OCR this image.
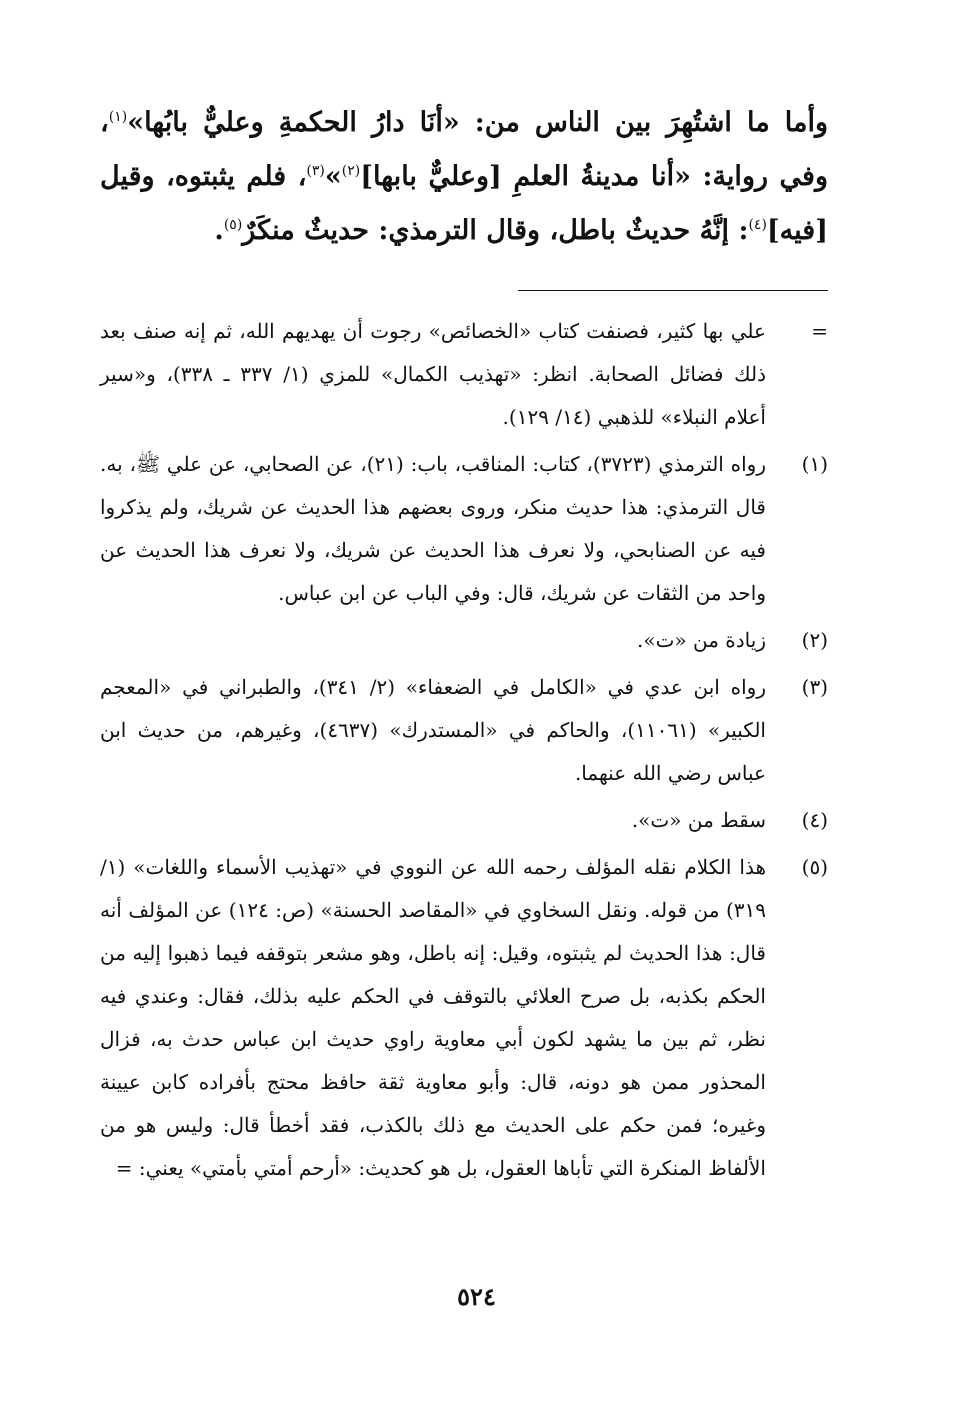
وأما ما اشتُهِرَ بين الناس من: «أنَا دارُ الحكمةِ وعليٌّ بابُها»$^{(١)}$، وفي رواية: «أنا مدينةُ العلمِ [وعليٌّ بابها]$^{(٢)}$»$^{(٣)}$، فلم يثبتوه، وقيل [فيه]$^{(٤)}$: إنَّهُ حديثٌ باطل، وقال الترمذي: حديثٌ منكَرٌ$^{(٥)}$.

=
علي بها كثير، فصنفت كتاب «الخصائص» رجوت أن يهديهم الله، ثم إنه صنف بعد ذلك فضائل الصحابة. انظر: «تهذيب الكمال» للمزي (١/ ٣٣٧ ـ ٣٣٨)، و«سير أعلام النبلاء» للذهبي (١٤/ ١٢٩).
(١)
رواه الترمذي (٣٧٢٣)، كتاب: المناقب، باب: (٢١)، عن الصحابي، عن علي ﷺ، به. قال الترمذي: هذا حديث منكر، وروى بعضهم هذا الحديث عن شريك، ولم يذكروا فيه عن الصنابحي، ولا نعرف هذا الحديث عن شريك، ولا نعرف هذا الحديث عن واحد من الثقات عن شريك، قال: وفي الباب عن ابن عباس.
(٢)
زيادة من «ت».
(٣)
رواه ابن عدي في «الكامل في الضعفاء» (٢/ ٣٤١)، والطبراني في «المعجم الكبير» (١١٠٦١)، والحاكم في «المستدرك» (٤٦٣٧)، وغيرهم، من حديث ابن عباس رضي الله عنهما.
(٤)
سقط من «ت».
(٥)
هذا الكلام نقله المؤلف رحمه الله عن النووي في «تهذيب الأسماء واللغات» (١/ ٣١٩) من قوله. ونقل السخاوي في «المقاصد الحسنة» (ص: ١٢٤) عن المؤلف أنه قال: هذا الحديث لم يثبتوه، وقيل: إنه باطل، وهو مشعر بتوقفه فيما ذهبوا إليه من الحكم بكذبه، بل صرح العلائي بالتوقف في الحكم عليه بذلك، فقال: وعندي فيه نظر، ثم بين ما يشهد لكون أبي معاوية راوي حديث ابن عباس حدث به، فزال المحذور ممن هو دونه، قال: وأبو معاوية ثقة حافظ محتج بأفراده كابن عيينة وغيره؛ فمن حكم على الحديث مع ذلك بالكذب، فقد أخطأ قال: وليس هو من الألفاظ المنكرة التي تأباها العقول، بل هو كحديث: «أرحم أمتي بأمتي» يعني: =
٥٢٤
